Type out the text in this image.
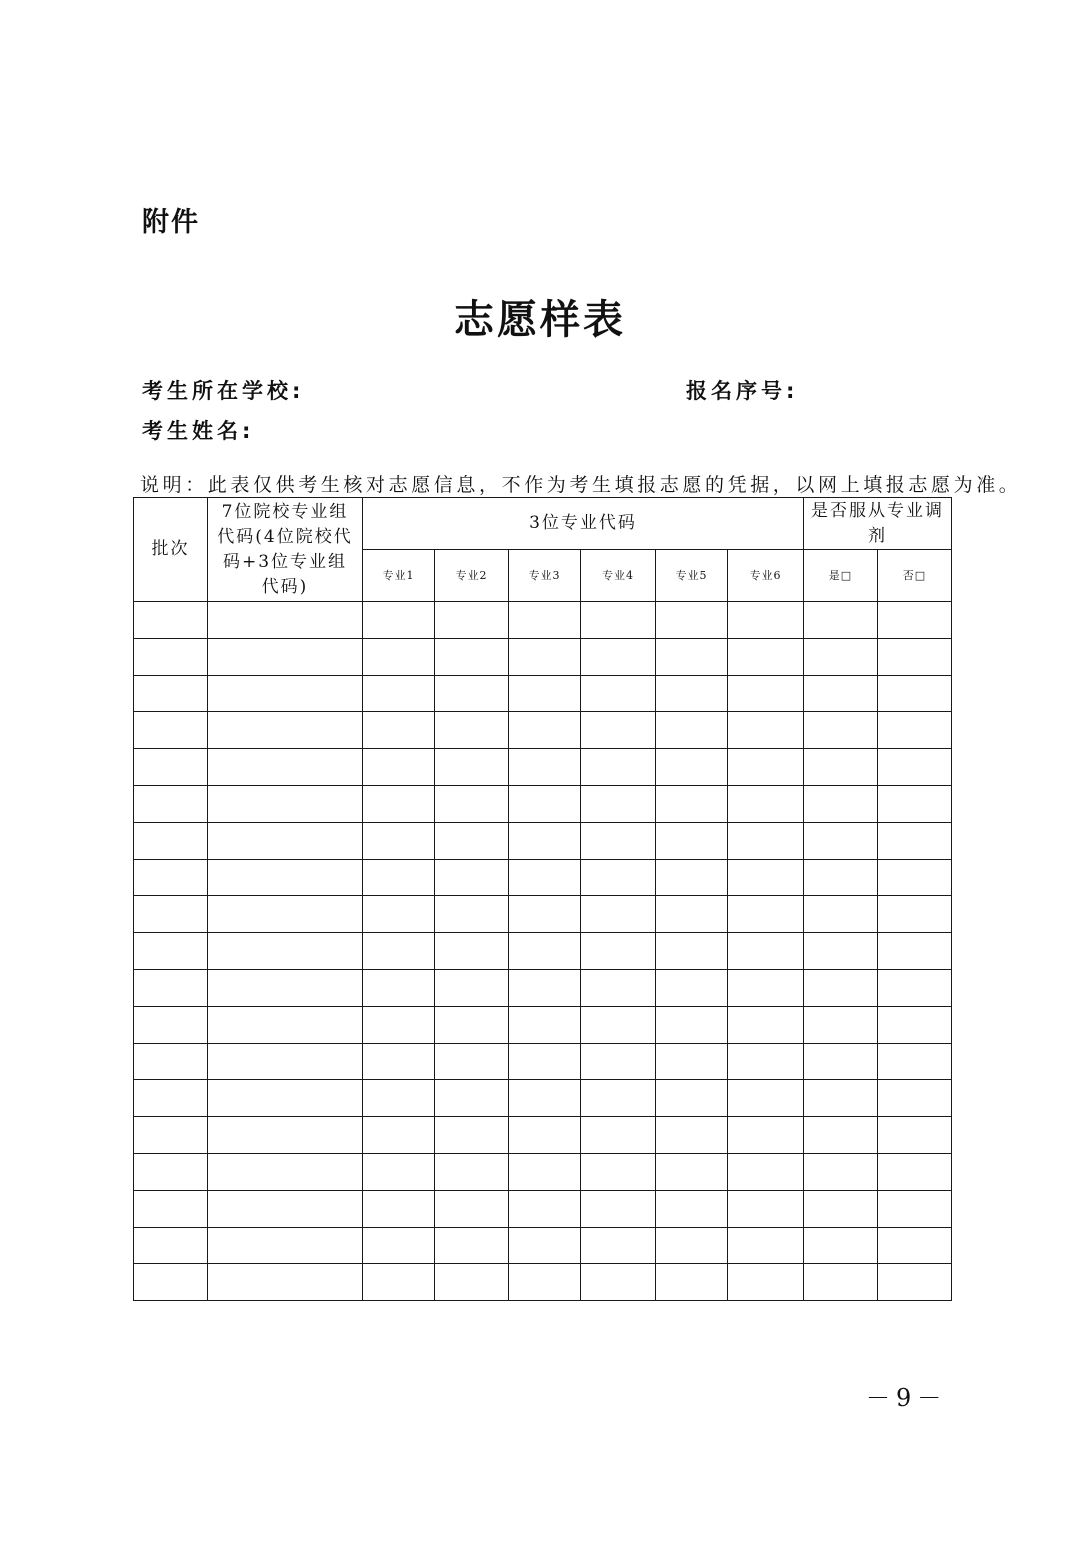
附件
志愿样表
考生所在学校:	报名序号:
考生姓名:
说明：此表仅供考生核对志愿信息，不作为考生填报志愿的凭据，以网上填报志愿为准。
批次	7位院校专业组代码(4位院校代码+3位专业组代码)	3位专业代码						是否服从专业调剂	
		专业1	专业2	专业3	专业4	专业5	专业6	是□	否□

－9－
